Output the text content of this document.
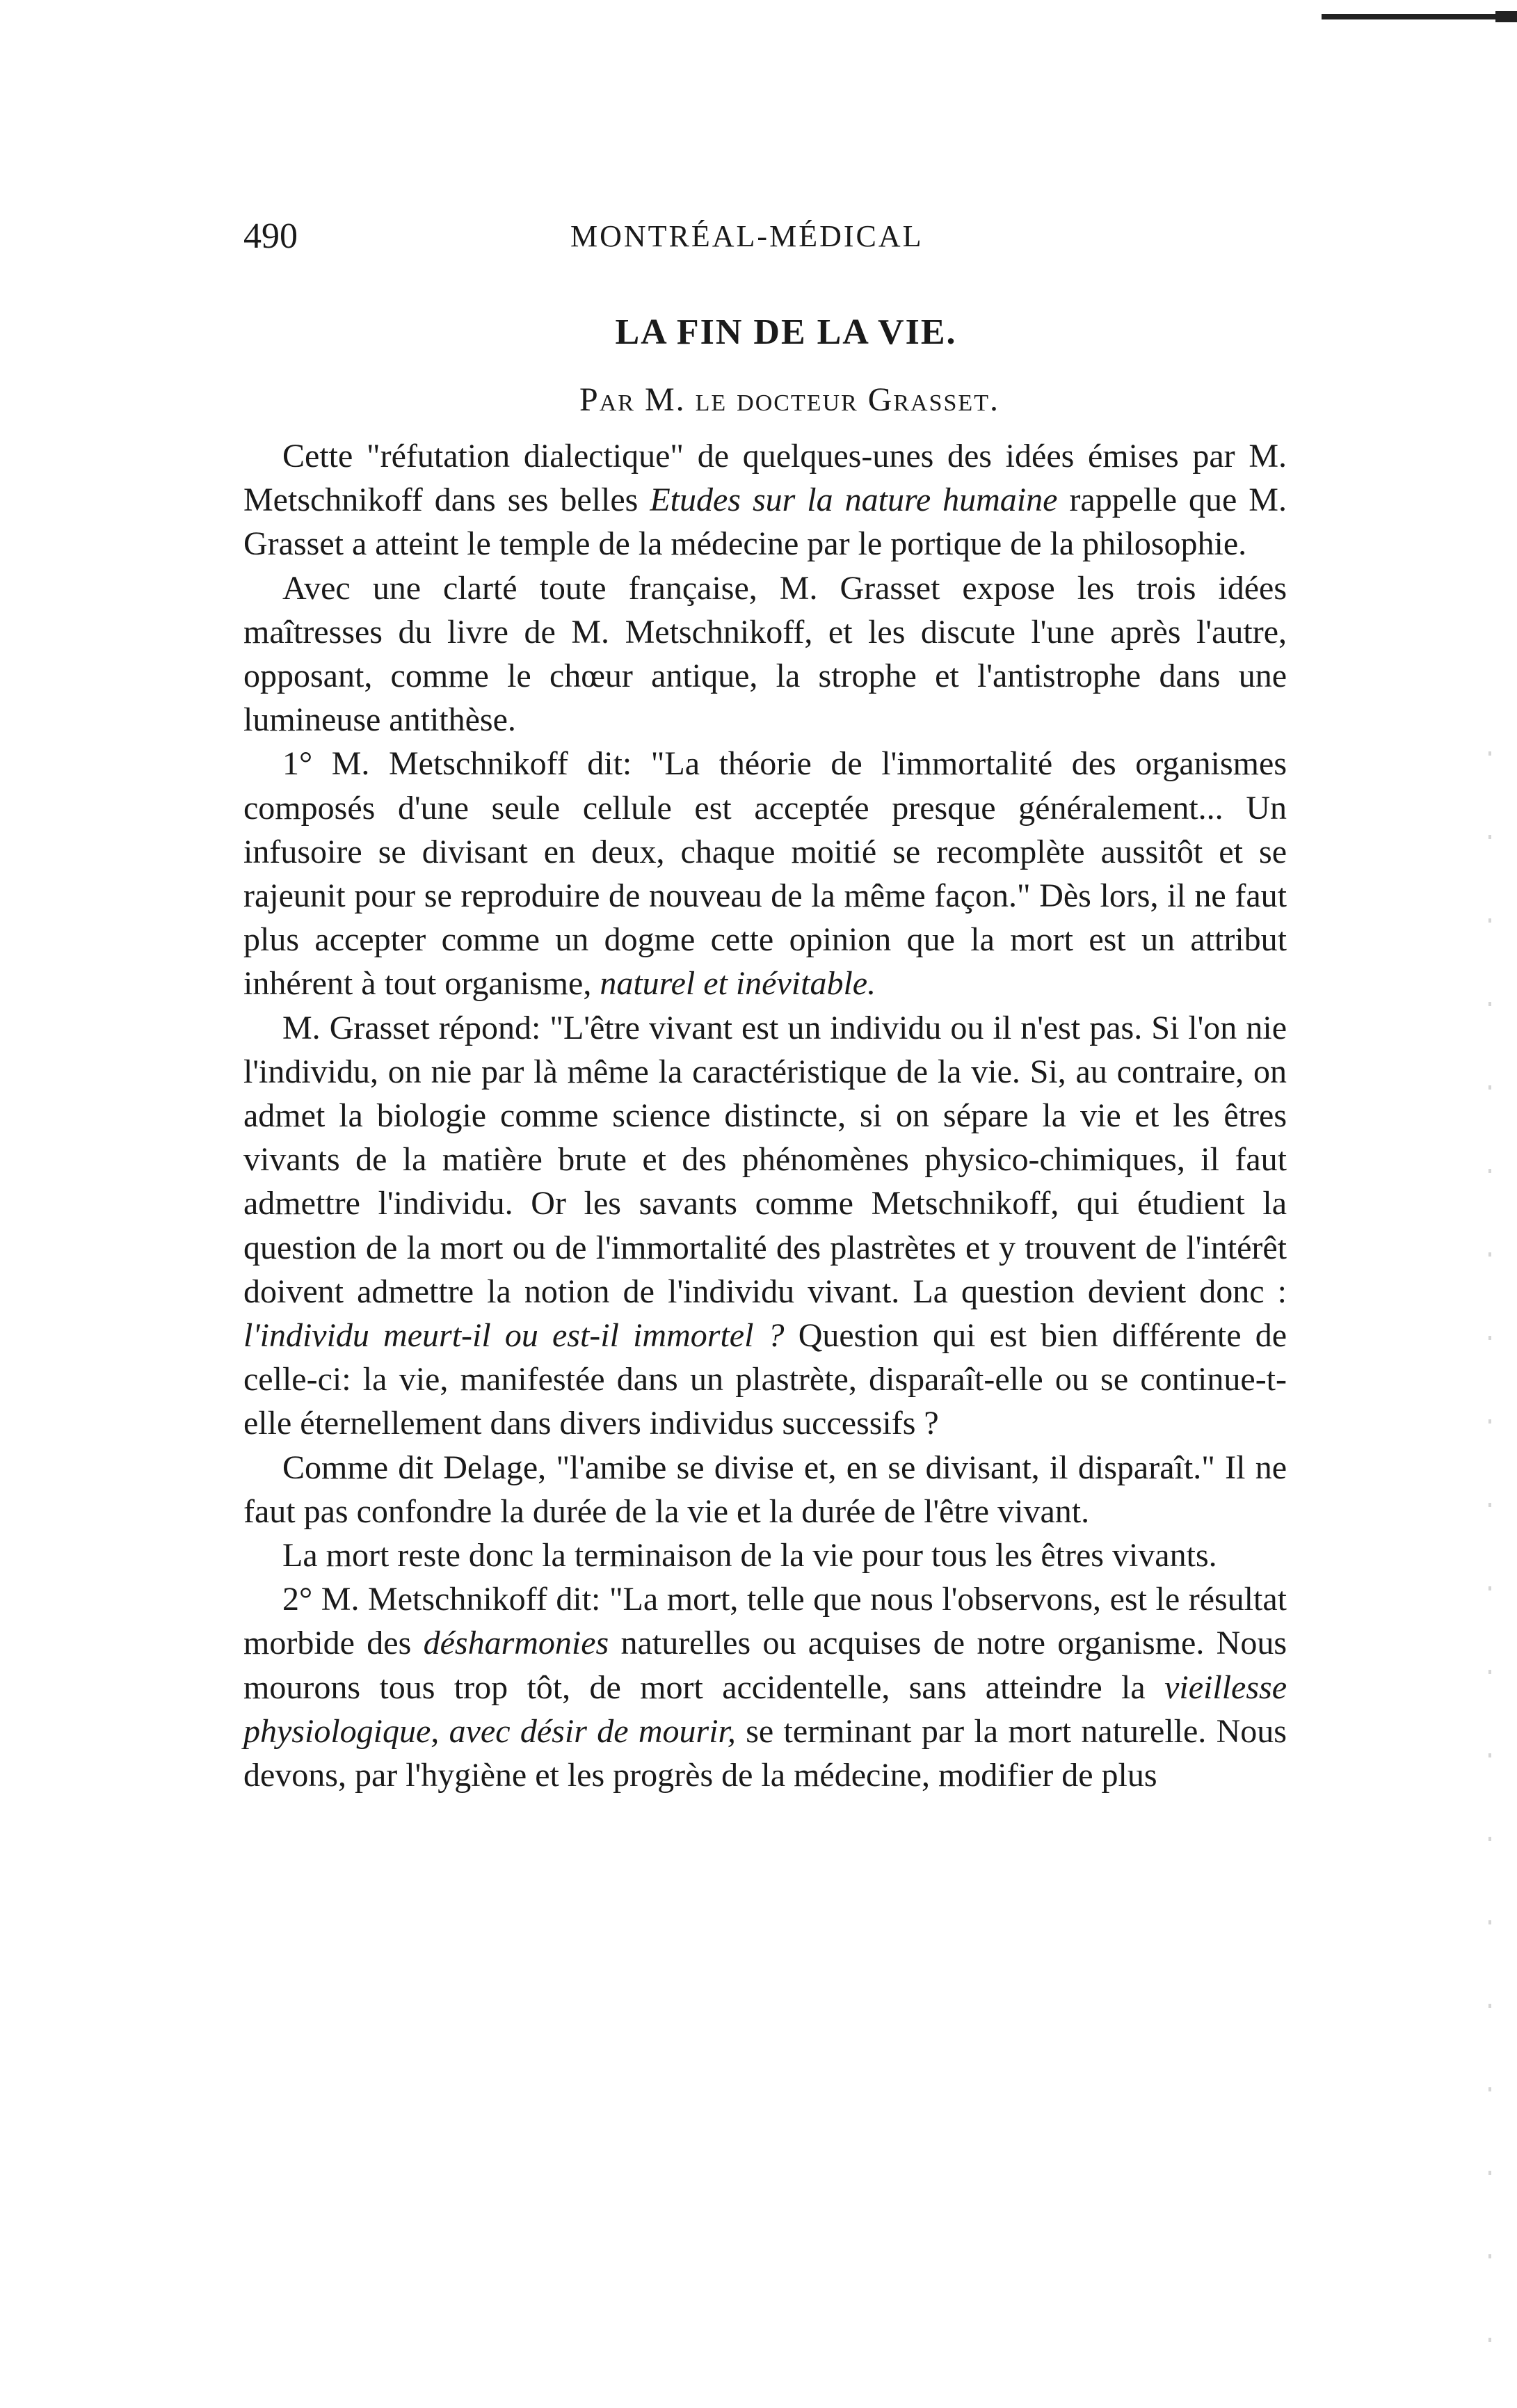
490	MONTRÉAL-MÉDICAL
LA FIN DE LA VIE.
Par M. le docteur Grasset.

Cette "réfutation dialectique" de quelques-unes des idées émises par M. Metschnikoff dans ses belles Etudes sur la nature humaine rappelle que M. Grasset a atteint le temple de la médecine par le portique de la philosophie.

Avec une clarté toute française, M. Grasset expose les trois idées maîtresses du livre de M. Metschnikoff, et les discute l'une après l'autre, opposant, comme le chœur antique, la strophe et l'antistrophe dans une lumineuse antithèse.

1° M. Metschnikoff dit: "La théorie de l'immortalité des organismes composés d'une seule cellule est acceptée presque généralement... Un infusoire se divisant en deux, chaque moitié se recomplète aussitôt et se rajeunit pour se reproduire de nouveau de la même façon." Dès lors, il ne faut plus accepter comme un dogme cette opinion que la mort est un attribut inhérent à tout organisme, naturel et inévitable.

M. Grasset répond: "L'être vivant est un individu ou il n'est pas. Si l'on nie l'individu, on nie par là même la caractéristique de la vie. Si, au contraire, on admet la biologie comme science distincte, si on sépare la vie et les êtres vivants de la matière brute et des phénomènes physico-chimiques, il faut admettre l'individu. Or les savants comme Metschnikoff, qui étudient la question de la mort ou de l'immortalité des plastrètes et y trouvent de l'intérêt doivent admettre la notion de l'individu vivant. La question devient donc : l'individu meurt-il ou est-il immortel ? Question qui est bien différente de celle-ci: la vie, manifestée dans un plastrète, disparaît-elle ou se continue-t-elle éternellement dans divers individus successifs ?

Comme dit Delage, "l'amibe se divise et, en se divisant, il disparaît." Il ne faut pas confondre la durée de la vie et la durée de l'être vivant.

La mort reste donc la terminaison de la vie pour tous les êtres vivants.

2° M. Metschnikoff dit: "La mort, telle que nous l'observons, est le résultat morbide des désharmonies naturelles ou acquises de notre organisme. Nous mourons tous trop tôt, de mort accidentelle, sans atteindre la vieillesse physiologique, avec désir de mourir, se terminant par la mort naturelle. Nous devons, par l'hygiène et les progrès de la médecine, modifier de plus
